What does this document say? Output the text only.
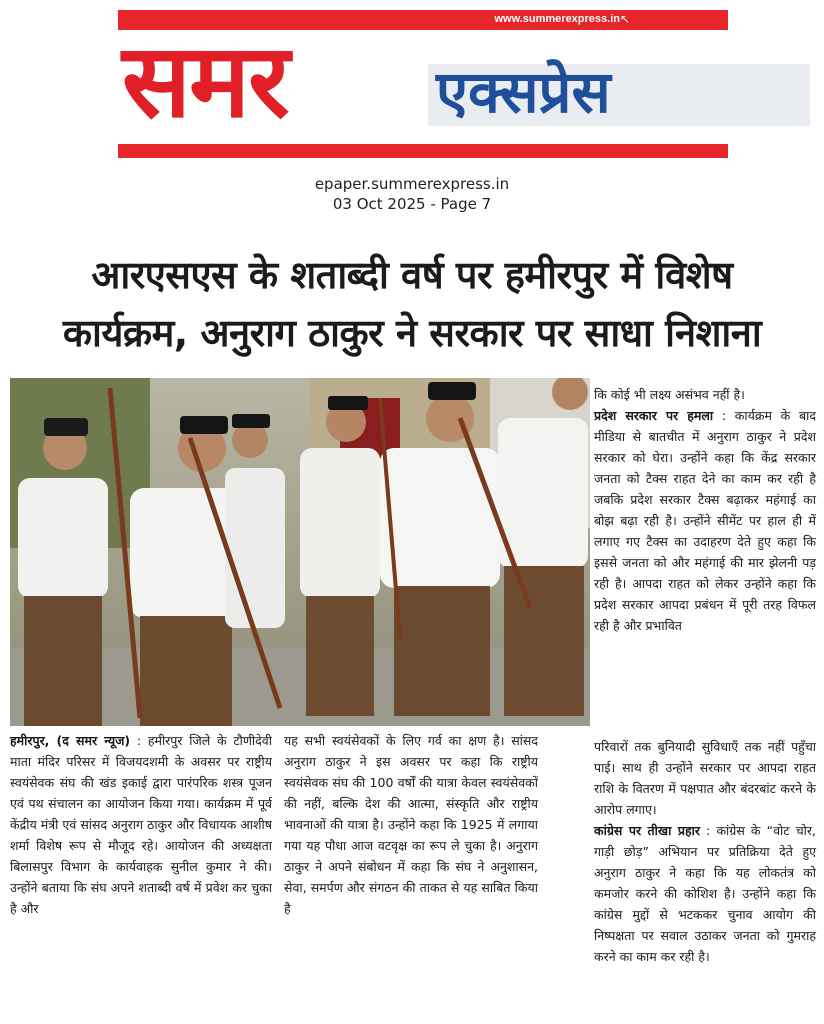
www.summerexpress.in ↖
समर	एक्सप्रेस
epaper.summerexpress.in
03 Oct 2025 - Page 7
आरएसएस के शताब्दी वर्ष पर हमीरपुर में विशेष
कार्यक्रम, अनुराग ठाकुर ने सरकार पर साधा निशाना

हमीरपुर, (द समर न्यूज) : हमीरपुर जिले के टौणीदेवी माता मंदिर परिसर में विजयदशमी के अवसर पर राष्ट्रीय स्वयंसेवक संघ की खंड इकाई द्वारा पारंपरिक शस्त्र पूजन एवं पथ संचालन का आयोजन किया गया। कार्यक्रम में पूर्व केंद्रीय मंत्री एवं सांसद अनुराग ठाकुर और विधायक आशीष शर्मा विशेष रूप से मौजूद रहे। आयोजन की अध्यक्षता बिलासपुर विभाग के कार्यवाहक सुनील कुमार ने की। उन्होंने बताया कि संघ अपने शताब्दी वर्ष में प्रवेश कर चुका है और

यह सभी स्वयंसेवकों के लिए गर्व का क्षण है। सांसद अनुराग ठाकुर ने इस अवसर पर कहा कि राष्ट्रीय स्वयंसेवक संघ की 100 वर्षों की यात्रा केवल स्वयंसेवकों की नहीं, बल्कि देश की आत्मा, संस्कृति और राष्ट्रीय भावनाओं की यात्रा है। उन्होंने कहा कि 1925 में लगाया गया यह पौधा आज वटवृक्ष का रूप ले चुका है। अनुराग ठाकुर ने अपने संबोधन में कहा कि संघ ने अनुशासन, सेवा, समर्पण और संगठन की ताकत से यह साबित किया है

कि कोई भी लक्ष्य असंभव नहीं है।

प्रदेश सरकार पर हमला : कार्यक्रम के बाद मीडिया से बातचीत में अनुराग ठाकुर ने प्रदेश सरकार को घेरा। उन्होंने कहा कि केंद्र सरकार जनता को टैक्स राहत देने का काम कर रही है जबकि प्रदेश सरकार टैक्स बढ़ाकर महंगाई का बोझ बढ़ा रही है। उन्होंने सीमेंट पर हाल ही में लगाए गए टैक्स का उदाहरण देते हुए कहा कि इससे जनता को और महंगाई की मार झेलनी पड़ रही है। आपदा राहत को लेकर उन्होंने कहा कि प्रदेश सरकार आपदा प्रबंधन में पूरी तरह विफल रही है और प्रभावित

परिवारों तक बुनियादी सुविधाएँ तक नहीं पहुँचा पाई। साथ ही उन्होंने सरकार पर आपदा राहत राशि के वितरण में पक्षपात और बंदरबांट करने के आरोप लगाए।

कांग्रेस पर तीखा प्रहार : कांग्रेस के “वोट चोर, गाड़ी छोड़” अभियान पर प्रतिक्रिया देते हुए अनुराग ठाकुर ने कहा कि यह लोकतंत्र को कमजोर करने की कोशिश है। उन्होंने कहा कि कांग्रेस मुद्दों से भटककर चुनाव आयोग की निष्पक्षता पर सवाल उठाकर जनता को गुमराह करने का काम कर रही है।
